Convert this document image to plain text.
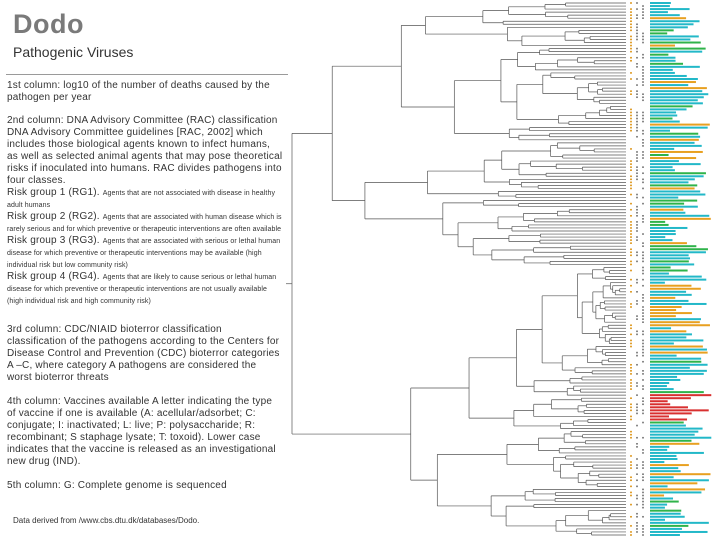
Dodo
Pathogenic Viruses
1st column: log10 of the number of deaths caused by the pathogen per year
2nd column: DNA Advisory Committee (RAC) classification
DNA Advisory Committee guidelines [RAC, 2002] which includes those biological agents known to infect humans, as well as selected animal agents that may pose theoretical risks if inoculated into humans. RAC divides pathogens into four classes.
Risk group 1 (RG1). Agents that are not associated with disease in healthy adult humans
Risk group 2 (RG2). Agents that are associated with human disease which is rarely serious and for which preventive or therapeutic interventions are often available
Risk group 3 (RG3). Agents that are associated with serious or lethal human disease for which preventive or therapeutic interventions may be available (high individual risk but low community risk)
Risk group 4 (RG4). Agents that are likely to cause serious or lethal human disease for which preventive or therapeutic interventions are not usually available (high individual risk and high community risk)
3rd column: CDC/NIAID bioterror classification classification of the pathogens according to the Centers for Disease Control and Prevention (CDC) bioterror categories A –C, where category A pathogens are considered the worst bioterror threats
4th column: Vaccines available A letter indicating the type of vaccine if one is available (A: acellular/adsorbet; C: conjugate; I: inactivated; L: live; P: polysaccharide; R: recombinant; S staphage lysate; T: toxoid). Lower case indicates that the vaccine is released as an investigational new drug (IND).
5th column: G: Complete genome is sequenced
Data derived from /www.cbs.dtu.dk/databases/Dodo.
